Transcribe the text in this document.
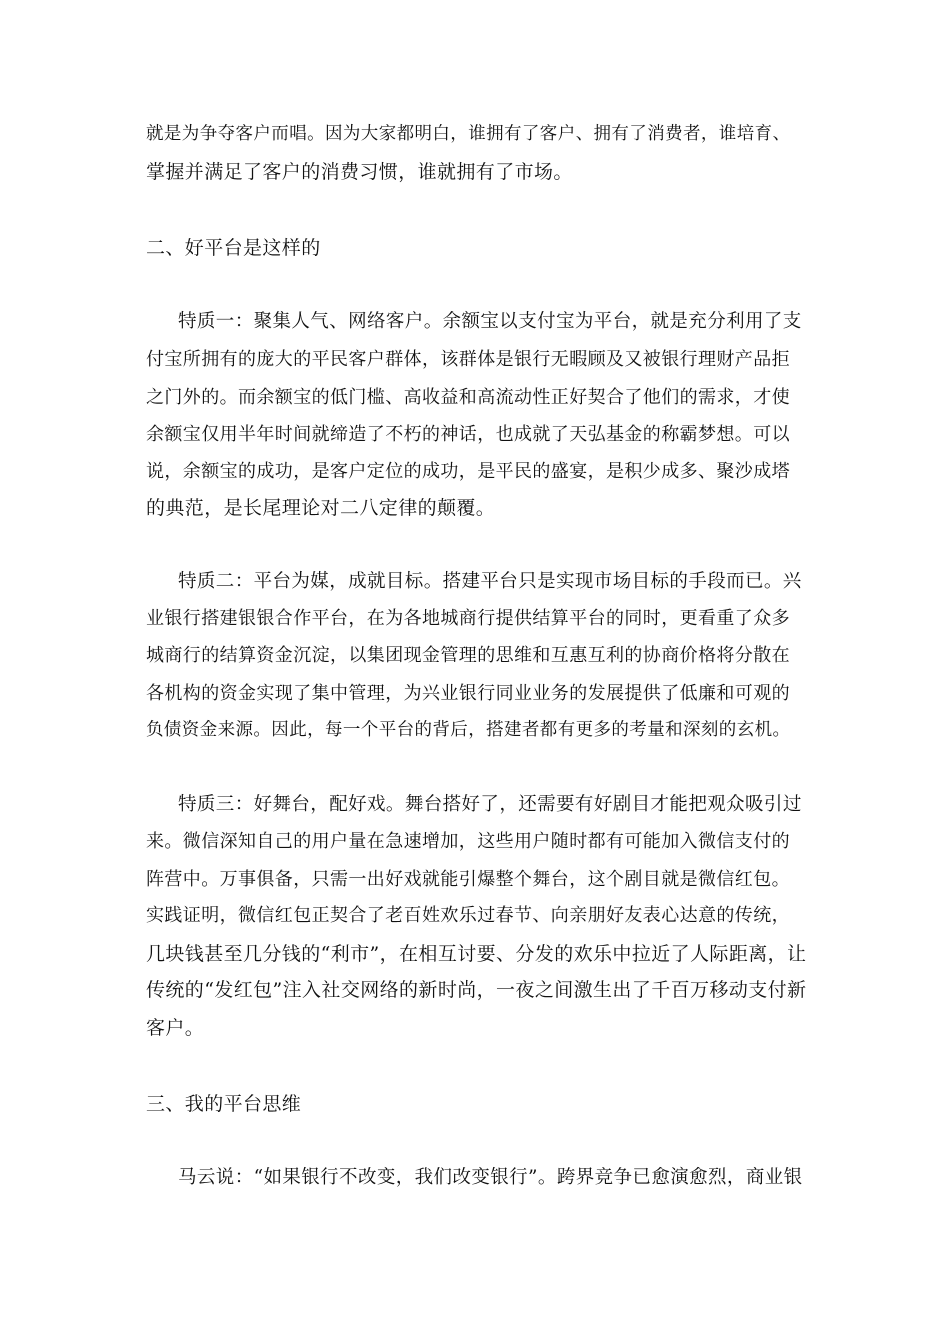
就是为争夺客户而唱。因为大家都明白，谁拥有了客户、拥有了消费者，谁培育、
掌握并满足了客户的消费习惯，谁就拥有了市场。
二、好平台是这样的
特质一：聚集人气、网络客户。余额宝以支付宝为平台，就是充分利用了支
付宝所拥有的庞大的平民客户群体，该群体是银行无暇顾及又被银行理财产品拒
之门外的。而余额宝的低门槛、高收益和高流动性正好契合了他们的需求，才使
余额宝仅用半年时间就缔造了不朽的神话，也成就了天弘基金的称霸梦想。可以
说，余额宝的成功，是客户定位的成功，是平民的盛宴，是积少成多、聚沙成塔
的典范，是长尾理论对二八定律的颠覆。
特质二：平台为媒，成就目标。搭建平台只是实现市场目标的手段而已。兴
业银行搭建银银合作平台，在为各地城商行提供结算平台的同时，更看重了众多
城商行的结算资金沉淀，以集团现金管理的思维和互惠互利的协商价格将分散在
各机构的资金实现了集中管理，为兴业银行同业业务的发展提供了低廉和可观的
负债资金来源。因此，每一个平台的背后，搭建者都有更多的考量和深刻的玄机。
特质三：好舞台，配好戏。舞台搭好了，还需要有好剧目才能把观众吸引过
来。微信深知自己的用户量在急速增加，这些用户随时都有可能加入微信支付的
阵营中。万事俱备，只需一出好戏就能引爆整个舞台，这个剧目就是微信红包。
实践证明，微信红包正契合了老百姓欢乐过春节、向亲朋好友表心达意的传统，
几块钱甚至几分钱的“利市”，在相互讨要、分发的欢乐中拉近了人际距离，让
传统的“发红包”注入社交网络的新时尚，一夜之间激生出了千百万移动支付新
客户。
三、我的平台思维
马云说：“如果银行不改变，我们改变银行”。跨界竞争已愈演愈烈，商业银
